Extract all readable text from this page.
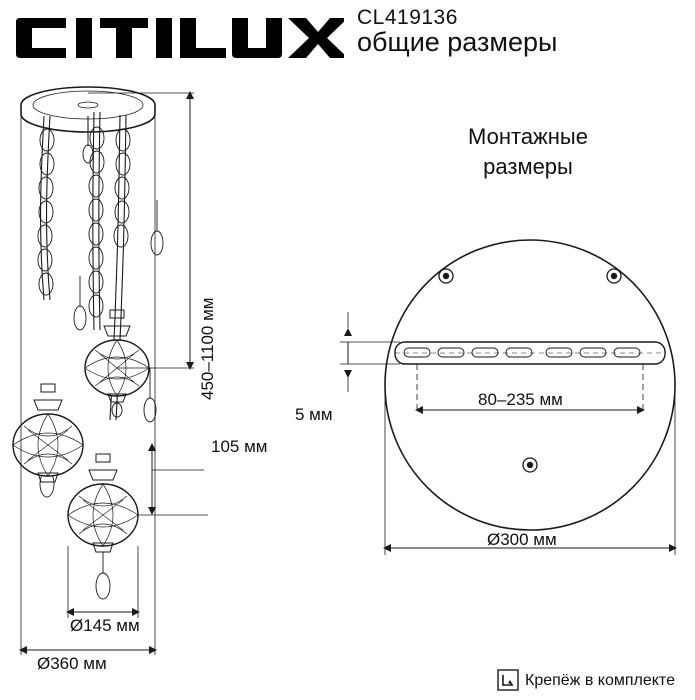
CL419136
общие размеры
Монтажные
размеры
450–1100 мм
105 мм
Ø145 мм
Ø360 мм
5 мм
80–235 мм
Ø300 мм
Крепёж в комплекте
